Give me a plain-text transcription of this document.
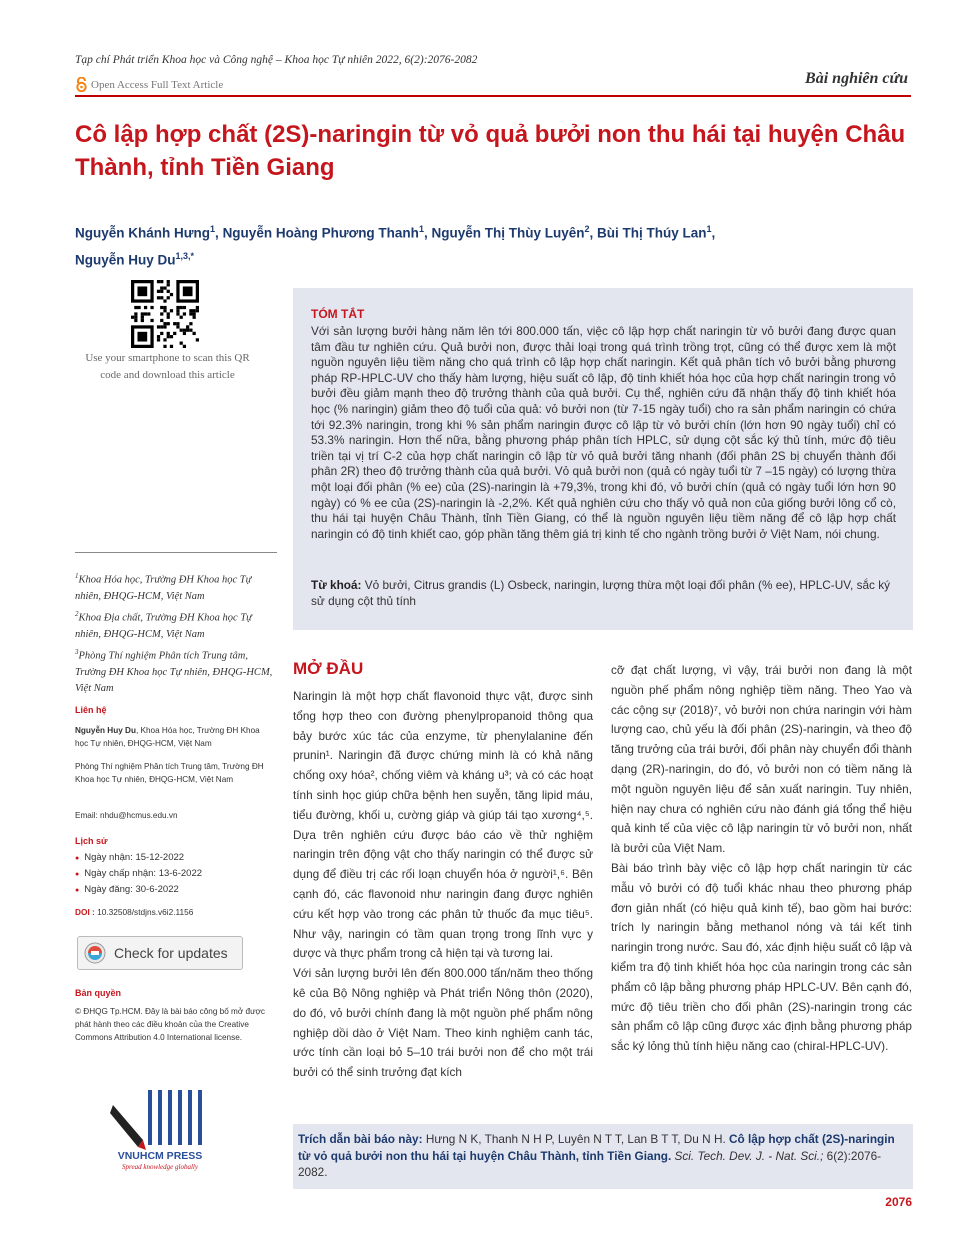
Tạp chí Phát triển Khoa học và Công nghệ – Khoa học Tự nhiên 2022, 6(2):2076-2082
Open Access Full Text Article	Bài nghiên cứu
Cô lập hợp chất (2S)-naringin từ vỏ quả bưởi non thu hái tại huyện Châu Thành, tỉnh Tiền Giang
Nguyễn Khánh Hưng$^1$, Nguyễn Hoàng Phương Thanh$^1$, Nguyễn Thị Thùy Luyên$^2$, Bùi Thị Thúy Lan$^1$,
Nguyễn Huy $Du^{1,3,*}$
Use your smartphone to scan this QR code and download this article
TÓM TẮT
Với sản lượng bưởi hàng năm lên tới 800.000 tấn, việc cô lập hợp chất naringin từ vỏ bưởi đang được quan tâm đầu tư nghiên cứu. Quả bưởi non, được thải loại trong quá trình trồng trọt, cũng có thể được xem là một nguồn nguyên liệu tiềm năng cho quá trình cô lập hợp chất naringin. Kết quả phân tích vỏ bưởi bằng phương pháp RP-HPLC-UV cho thấy hàm lượng, hiệu suất cô lập, độ tinh khiết hóa học của hợp chất naringin trong vỏ bưởi đều giảm mạnh theo độ trưởng thành của quả bưởi. Cụ thể, nghiên cứu đã nhận thấy độ tinh khiết hóa học (% naringin) giảm theo độ tuổi của quả: vỏ bưởi non (từ 7-15 ngày tuổi) cho ra sản phẩm naringin có chứa tới 92.3% naringin, trong khi % sản phẩm naringin được cô lập từ vỏ bưởi chín (lớn hơn 90 ngày tuổi) chỉ có 53.3% naringin. Hơn thế nữa, bằng phương pháp phân tích HPLC, sử dụng cột sắc ký thủ tính, mức độ tiêu triền tại vị trí C-2 của hợp chất naringin cô lập từ vỏ quả bưởi tăng nhanh (đối phân 2S bị chuyển thành đối phân 2R) theo độ trưởng thành của quả bưởi. Vỏ quả bưởi non (quả có ngày tuổi từ 7 –15 ngày) có lượng thừa một loại đối phân (% ee) của (2S)-naringin là +79,3%, trong khi đó, vỏ bưởi chín (quả có ngày tuổi lớn hơn 90 ngày) có % ee của (2S)-naringin là -2,2%. Kết quả nghiên cứu cho thấy vỏ quả non của giống bưởi lông cổ cò, thu hái tại huyện Châu Thành, tỉnh Tiền Giang, có thể là nguồn nguyên liệu tiềm năng để cô lập hợp chất naringin có độ tinh khiết cao, góp phần tăng thêm giá trị kinh tế cho ngành trồng bưởi ở Việt Nam, nói chung.
Từ khoá: Vỏ bưởi, Citrus grandis (L) Osbeck, naringin, lượng thừa một loại đối phân (% ee), HPLC-UV, sắc ký sử dụng cột thủ tính
$^1$Khoa Hóa học, Trường ĐH Khoa học Tự nhiên, ĐHQG-HCM, Việt Nam
$^2$Khoa Địa chất, Trường ĐH Khoa học Tự nhiên, ĐHQG-HCM, Việt Nam
$^3$Phòng Thí nghiệm Phân tích Trung tâm, Trường ĐH Khoa học Tự nhiên, ĐHQG-HCM, Việt Nam
Liên hệ
Nguyễn Huy Du, Khoa Hóa học, Trường ĐH Khoa học Tự nhiên, ĐHQG-HCM, Việt Nam
Phòng Thí nghiệm Phân tích Trung tâm, Trường ĐH Khoa học Tự nhiên, ĐHQG-HCM, Việt Nam
Email: nhdu@hcmus.edu.vn
Lịch sử
● Ngày nhận: 15-12-2022
● Ngày chấp nhận: 13-6-2022
● Ngày đăng: 30-6-2022
DOI : 10.32508/stdjns.v6i2.1156
Check for updates
Bản quyền
© ĐHQG Tp.HCM. Đây là bài báo công bố mở được phát hành theo các điều khoản của the Creative Commons Attribution 4.0 International license.
VNUHCM PRESS
Spread knowledge globally
MỞ ĐẦU

Naringin là một hợp chất flavonoid thực vật, được sinh tổng hợp theo con đường phenylpropanoid thông qua bảy bước xúc tác của enzyme, từ phenylalanine đến prunin¹. Naringin đã được chứng minh là có khả năng chống oxy hóa², chống viêm và kháng u³; và có các hoạt tính sinh học giúp chữa bệnh hen suyễn, tăng lipid máu, tiểu đường, khối u, cường giáp và giúp tái tạo xương⁴,⁵. Dựa trên nghiên cứu được báo cáo về thử nghiệm naringin trên động vật cho thấy naringin có thể được sử dụng để điều trị các rối loạn chuyển hóa ở người¹,⁶. Bên cạnh đó, các flavonoid như naringin đang được nghiên cứu kết hợp vào trong các phân tử thuốc đa mục tiêu⁵. Như vậy, naringin có tầm quan trọng trong lĩnh vực y dược và thực phẩm trong cả hiện tại và tương lai.

Với sản lượng bưởi lên đến 800.000 tấn/năm theo thống kê của Bộ Nông nghiệp và Phát triển Nông thôn (2020), do đó, vỏ bưởi chính đang là một nguồn phế phẩm nông nghiệp dồi dào ở Việt Nam. Theo kinh nghiệm canh tác, ước tính cần loại bỏ 5–10 trái bưởi non để cho một trái bưởi có thể sinh trưởng đạt kích

cỡ đạt chất lượng, vì vậy, trái bưởi non đang là một nguồn phế phẩm nông nghiệp tiềm năng. Theo Yao và các cộng sự (2018)⁷, vỏ bưởi non chứa naringin với hàm lượng cao, chủ yếu là đối phân (2S)-naringin, và theo độ tăng trưởng của trái bưởi, đối phân này chuyển đổi thành dạng (2R)-naringin, do đó, vỏ bưởi non có tiềm năng là một nguồn nguyên liệu để sản xuất naringin. Tuy nhiên, hiện nay chưa có nghiên cứu nào đánh giá tổng thể hiệu quả kinh tế của việc cô lập naringin từ vỏ bưởi non, nhất là bưởi của Việt Nam.

Bài báo trình bày việc cô lập hợp chất naringin từ các mẫu vỏ bưởi có độ tuổi khác nhau theo phương pháp đơn giản nhất (có hiệu quả kinh tế), bao gồm hai bước: trích ly naringin bằng methanol nóng và tái kết tinh naringin trong nước. Sau đó, xác định hiệu suất cô lập và kiểm tra độ tinh khiết hóa học của naringin trong các sản phẩm cô lập bằng phương pháp HPLC-UV. Bên cạnh đó, mức độ tiêu triền cho đối phân (2S)-naringin trong các sản phẩm cô lập cũng được xác định bằng phương pháp sắc ký lỏng thủ tính hiệu năng cao (chiral-HPLC-UV).

Trích dẫn bài báo này: Hưng N K, Thanh N H P, Luyên N T T, Lan B T T, Du N H. Cô lập hợp chất (2S)-naringin từ vỏ quả bưởi non thu hái tại huyện Châu Thành, tỉnh Tiền Giang. Sci. Tech. Dev. J. - Nat. Sci.; 6(2):2076-2082.
2076
